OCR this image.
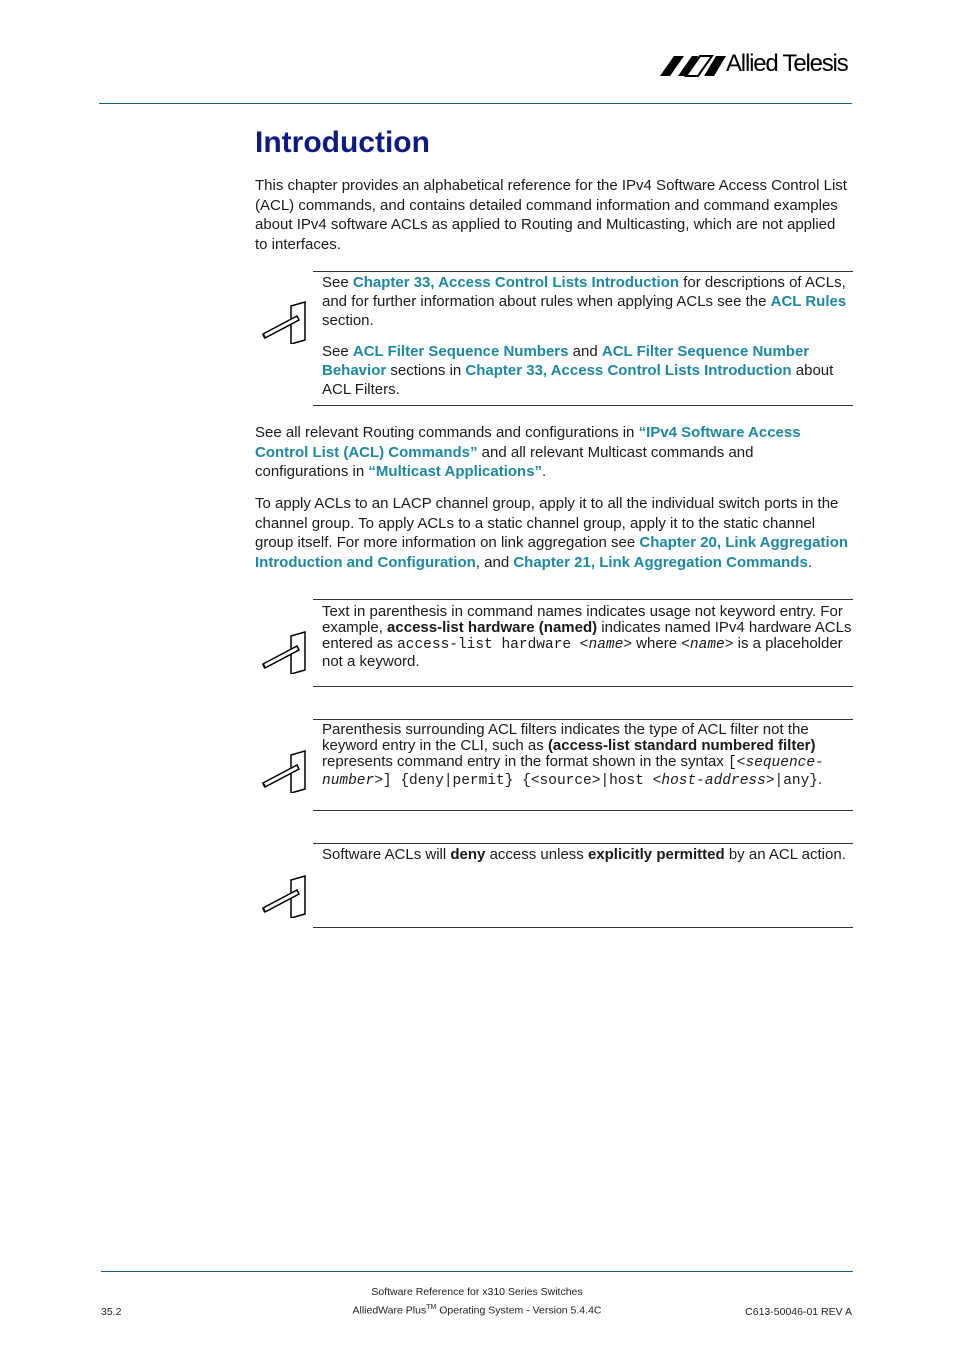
Allied Telesis
Introduction
This chapter provides an alphabetical reference for the IPv4 Software Access Control List (ACL) commands, and contains detailed command information and command examples about IPv4 software ACLs as applied to Routing and Multicasting, which are not applied to interfaces.
See Chapter 33, Access Control Lists Introduction for descriptions of ACLs, and for further information about rules when applying ACLs see the ACL Rules section.
See ACL Filter Sequence Numbers and ACL Filter Sequence Number Behavior sections in Chapter 33, Access Control Lists Introduction about ACL Filters.
See all relevant Routing commands and configurations in “IPv4 Software Access Control List (ACL) Commands” and all relevant Multicast commands and configurations in “Multicast Applications”.
To apply ACLs to an LACP channel group, apply it to all the individual switch ports in the channel group. To apply ACLs to a static channel group, apply it to the static channel group itself. For more information on link aggregation see Chapter 20, Link Aggregation Introduction and Configuration, and Chapter 21, Link Aggregation Commands.
Text in parenthesis in command names indicates usage not keyword entry. For example, access-list hardware (named) indicates named IPv4 hardware ACLs entered as access-list hardware <name> where <name> is a placeholder not a keyword.
Parenthesis surrounding ACL filters indicates the type of ACL filter not the keyword entry in the CLI, such as (access-list standard numbered filter) represents command entry in the format shown in the syntax [<sequence-number>] {deny|permit} {<source>|host <host-address>|any}.
Software ACLs will deny access unless explicitly permitted by an ACL action.
Software Reference for x310 Series Switches
AlliedWare Plus™ Operating System - Version 5.4.4C
35.2	C613-50046-01 REV A
